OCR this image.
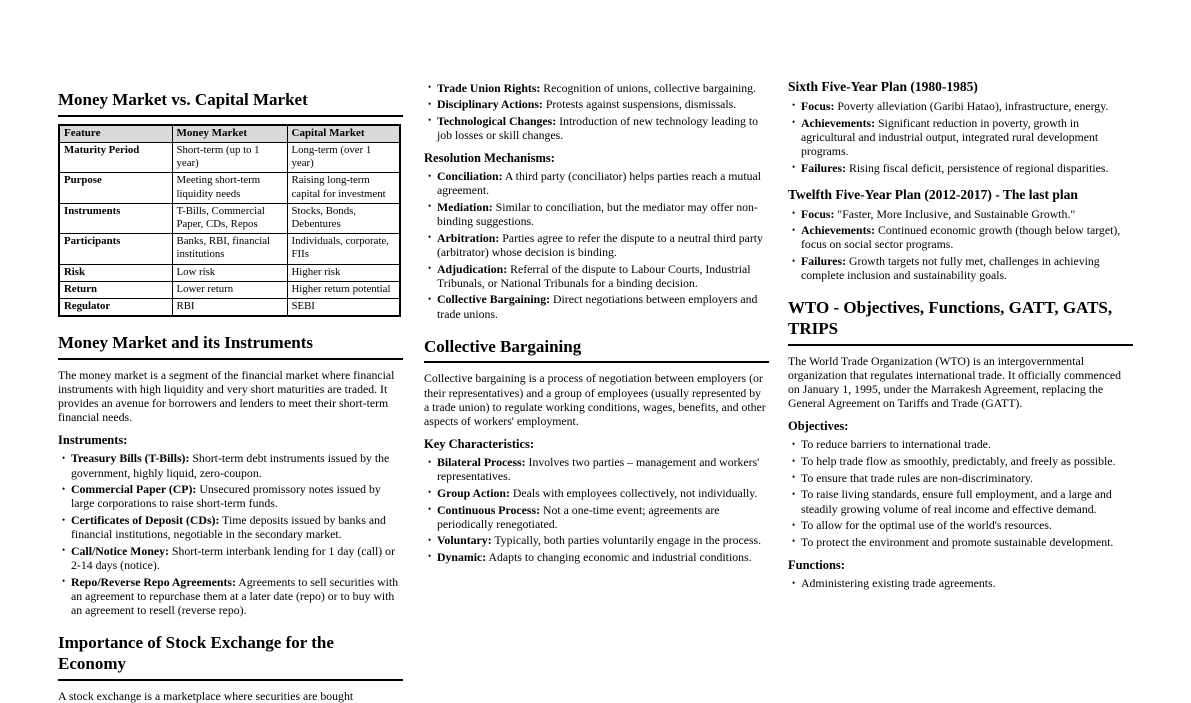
Money Market vs. Capital Market
Feature	Money Market	Capital Market
Maturity Period	Short-term (up to 1 year)	Long-term (over 1 year)
Purpose	Meeting short-term liquidity needs	Raising long-term capital for investment
Instruments	T-Bills, Commercial Paper, CDs, Repos	Stocks, Bonds, Debentures
Participants	Banks, RBI, financial institutions	Individuals, corporate, FIIs
Risk	Low risk	Higher risk
Return	Lower return	Higher return potential
Regulator	RBI	SEBI
Money Market and its Instruments

The money market is a segment of the financial market where financial instruments with high liquidity and very short maturities are traded. It provides an avenue for borrowers and lenders to meet their short-term financial needs.

Instruments:
• Treasury Bills (T-Bills): Short-term debt instruments issued by the government, highly liquid, zero-coupon.
• Commercial Paper (CP): Unsecured promissory notes issued by large corporations to raise short-term funds.
• Certificates of Deposit (CDs): Time deposits issued by banks and financial institutions, negotiable in the secondary market.
• Call/Notice Money: Short-term interbank lending for 1 day (call) or 2-14 days (notice).
• Repo/Reverse Repo Agreements: Agreements to sell securities with an agreement to repurchase them at a later date (repo) or to buy with an agreement to resell (reverse repo).
Importance of Stock Exchange for the Economy

A stock exchange is a marketplace where securities are bought

• Trade Union Rights: Recognition of unions, collective bargaining.
• Disciplinary Actions: Protests against suspensions, dismissals.
• Technological Changes: Introduction of new technology leading to job losses or skill changes.
Resolution Mechanisms:
• Conciliation: A third party (conciliator) helps parties reach a mutual agreement.
• Mediation: Similar to conciliation, but the mediator may offer non-binding suggestions.
• Arbitration: Parties agree to refer the dispute to a neutral third party (arbitrator) whose decision is binding.
• Adjudication: Referral of the dispute to Labour Courts, Industrial Tribunals, or National Tribunals for a binding decision.
• Collective Bargaining: Direct negotiations between employers and trade unions.
Collective Bargaining

Collective bargaining is a process of negotiation between employers (or their representatives) and a group of employees (usually represented by a trade union) to regulate working conditions, wages, benefits, and other aspects of workers' employment.

Key Characteristics:
• Bilateral Process: Involves two parties – management and workers' representatives.
• Group Action: Deals with employees collectively, not individually.
• Continuous Process: Not a one-time event; agreements are periodically renegotiated.
• Voluntary: Typically, both parties voluntarily engage in the process.
• Dynamic: Adapts to changing economic and industrial conditions.
Sixth Five-Year Plan (1980-1985)
• Focus: Poverty alleviation (Garibi Hatao), infrastructure, energy.
• Achievements: Significant reduction in poverty, growth in agricultural and industrial output, integrated rural development programs.
• Failures: Rising fiscal deficit, persistence of regional disparities.
Twelfth Five-Year Plan (2012-2017) - The last plan
• Focus: "Faster, More Inclusive, and Sustainable Growth."
• Achievements: Continued economic growth (though below target), focus on social sector programs.
• Failures: Growth targets not fully met, challenges in achieving complete inclusion and sustainability goals.
WTO - Objectives, Functions, GATT, GATS, TRIPS

The World Trade Organization (WTO) is an intergovernmental organization that regulates international trade. It officially commenced on January 1, 1995, under the Marrakesh Agreement, replacing the General Agreement on Tariffs and Trade (GATT).

Objectives:
• To reduce barriers to international trade.
• To help trade flow as smoothly, predictably, and freely as possible.
• To ensure that trade rules are non-discriminatory.
• To raise living standards, ensure full employment, and a large and steadily growing volume of real income and effective demand.
• To allow for the optimal use of the world's resources.
• To protect the environment and promote sustainable development.
Functions:
• Administering existing trade agreements.
